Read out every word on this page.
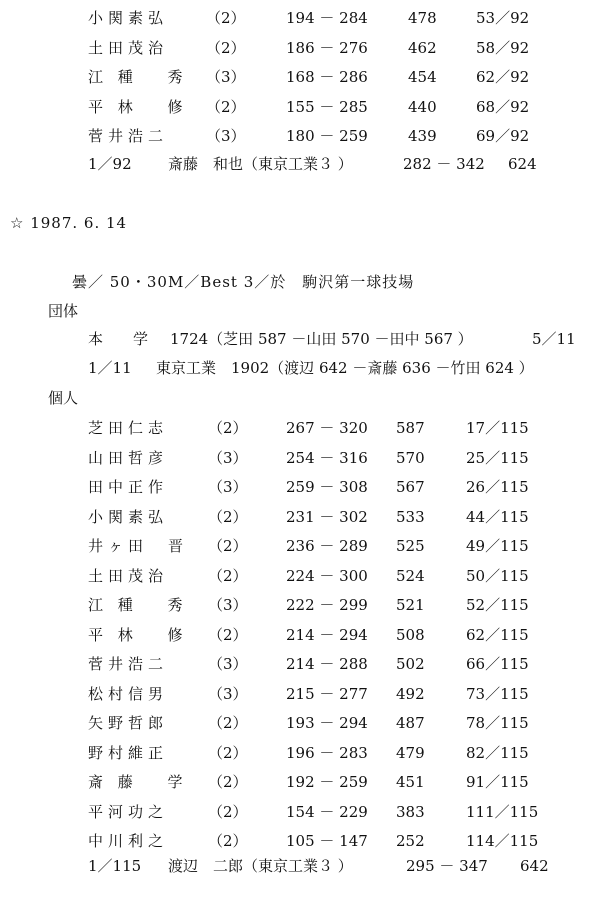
小関素弘	（2）	194 － 284	478	53／92
土田茂治	（2）	186 － 276	462	58／92
江 種 　秀 （3）	168 － 286	454	62／92
平 林 　修 （2）	155 － 285	440	68／92
菅井浩二	（3）	180 － 259	439	69／92
1／92 斎藤　和也（東京工業３ ）	282 － 342 624
☆ 1987. 6. 14
曇／ 50・30M／Best 3／於　駒沢第一球技場
団体
本　　学 1724（芝田 587 －山田 570 －田中 567 ）	5／11
1／11 東京工業　1902（渡辺 642 －斎藤 636 －竹田 624 ）
個人
芝田仁志	（2）	267 － 320 587	17／115
山田哲彦	（3）	254 － 316 570	25／115
田中正作	（3）	259 － 308 567	26／115
小関素弘	（2）	231 － 302 533	44／115
井ヶ田　晋 （2）	236 － 289 525	49／115
土田茂治	（2）	224 － 300 524	50／115
江 種 　秀 （3）	222 － 299 521	52／115
平 林 　修 （2）	214 － 294 508	62／115
菅井浩二	（3）	214 － 288 502	66／115
松村信男	（3）	215 － 277 492	73／115
矢野哲郎	（2）	193 － 294 487	78／115
野村維正	（2）	196 － 283 479	82／115
斎 藤 　学 （2）	192 － 259 451	91／115
平河功之	（2）	154 － 229 383	111／115
中川利之	（2）	105 － 147 252	114／115
1／115 渡辺　二郎（東京工業３ ）	295 － 347 642
